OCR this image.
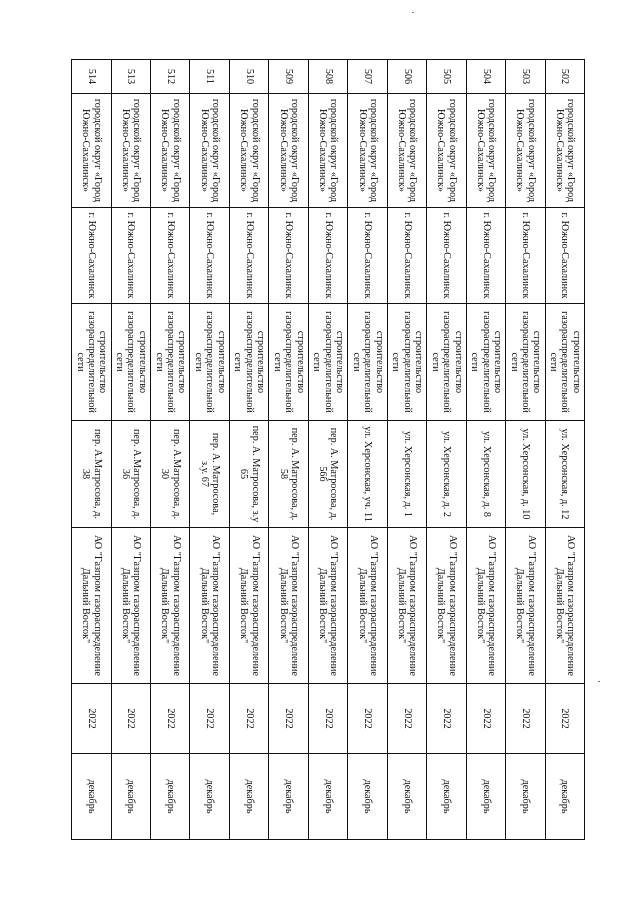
502	городской округ «Город Южно-Сахалинск»	г. Южно-Сахалинск	строительство газораспределительной сети	ул. Херсонская, д. 12	АО "Газпром газораспределение Дальний Восток"	2022	декабрь
503	городской округ «Город Южно-Сахалинск»	г. Южно-Сахалинск	строительство газораспределительной сети	ул. Херсонская, д. 10	АО "Газпром газораспределение Дальний Восток"	2022	декабрь
504	городской округ «Город Южно-Сахалинск»	г. Южно-Сахалинск	строительство газораспределительной сети	ул. Херсонская, д. 8	АО "Газпром газораспределение Дальний Восток"	2022	декабрь
505	городской округ «Город Южно-Сахалинск»	г. Южно-Сахалинск	строительство газораспределительной сети	ул. Херсонская, д. 2	АО "Газпром газораспределение Дальний Восток"	2022	декабрь
506	городской округ «Город Южно-Сахалинск»	г. Южно-Сахалинск	строительство газораспределительной сети	ул. Херсонская, д. 1	АО "Газпром газораспределение Дальний Восток"	2022	декабрь
507	городской округ «Город Южно-Сахалинск»	г. Южно-Сахалинск	строительство газораспределительной сети	ул. Херсонская, уч. 11	АО "Газпром газораспределение Дальний Восток"	2022	декабрь
508	городской округ «Город Южно-Сахалинск»	г. Южно-Сахалинск	строительство газораспределительной сети	пер. А. Матросова, д. 56б	АО "Газпром газораспределение Дальний Восток"	2022	декабрь
509	городской округ «Город Южно-Сахалинск»	г. Южно-Сахалинск	строительство газораспределительной сети	пер. А. Матросова, д. 58	АО "Газпром газораспределение Дальний Восток"	2022	декабрь
510	городской округ «Город Южно-Сахалинск»	г. Южно-Сахалинск	строительство газораспределительной сети	пер. А. Матросова, з.у 65	АО "Газпром газораспределение Дальний Восток"	2022	декабрь
511	городской округ «Город Южно-Сахалинск»	г. Южно-Сахалинск	строительство газораспределительной сети	пер. А. Матросова, з.у. 67	АО "Газпром газораспределение Дальний Восток"	2022	декабрь
512	городской округ «Город Южно-Сахалинск»	г. Южно-Сахалинск	строительство газораспределительной сети	пер. А.Матросова, д. 30	АО "Газпром газораспределение Дальний Восток"	2022	декабрь
513	городской округ «Город Южно-Сахалинск»	г. Южно-Сахалинск	строительство газораспределительной сети	пер. А.Матросова, д. 36	АО "Газпром газораспределение Дальний Восток"	2022	декабрь
514	городской округ «Город Южно-Сахалинск»	г. Южно-Сахалинск	строительство газораспределительной сети	пер. А.Матросова, д. 38	АО "Газпром газораспределение Дальний Восток"	2022	декабрь
